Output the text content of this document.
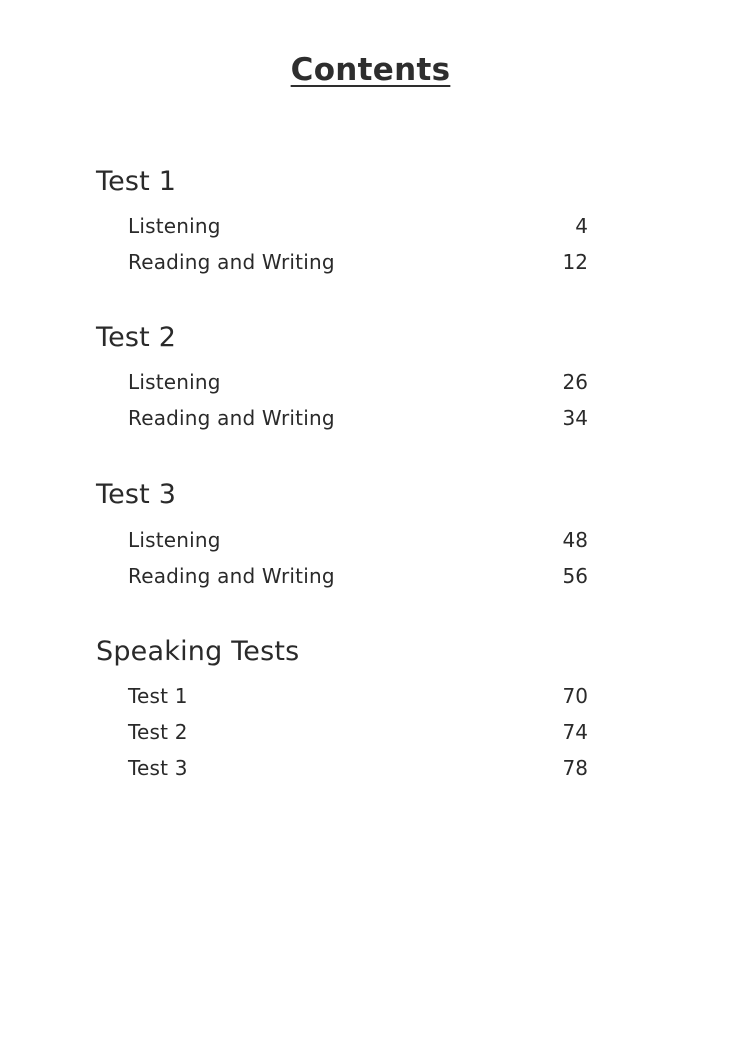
Contents
Test 1
Listening	4
Reading and Writing	12
Test 2
Listening	26
Reading and Writing	34
Test 3
Listening	48
Reading and Writing	56
Speaking Tests
Test 1	70
Test 2	74
Test 3	78
